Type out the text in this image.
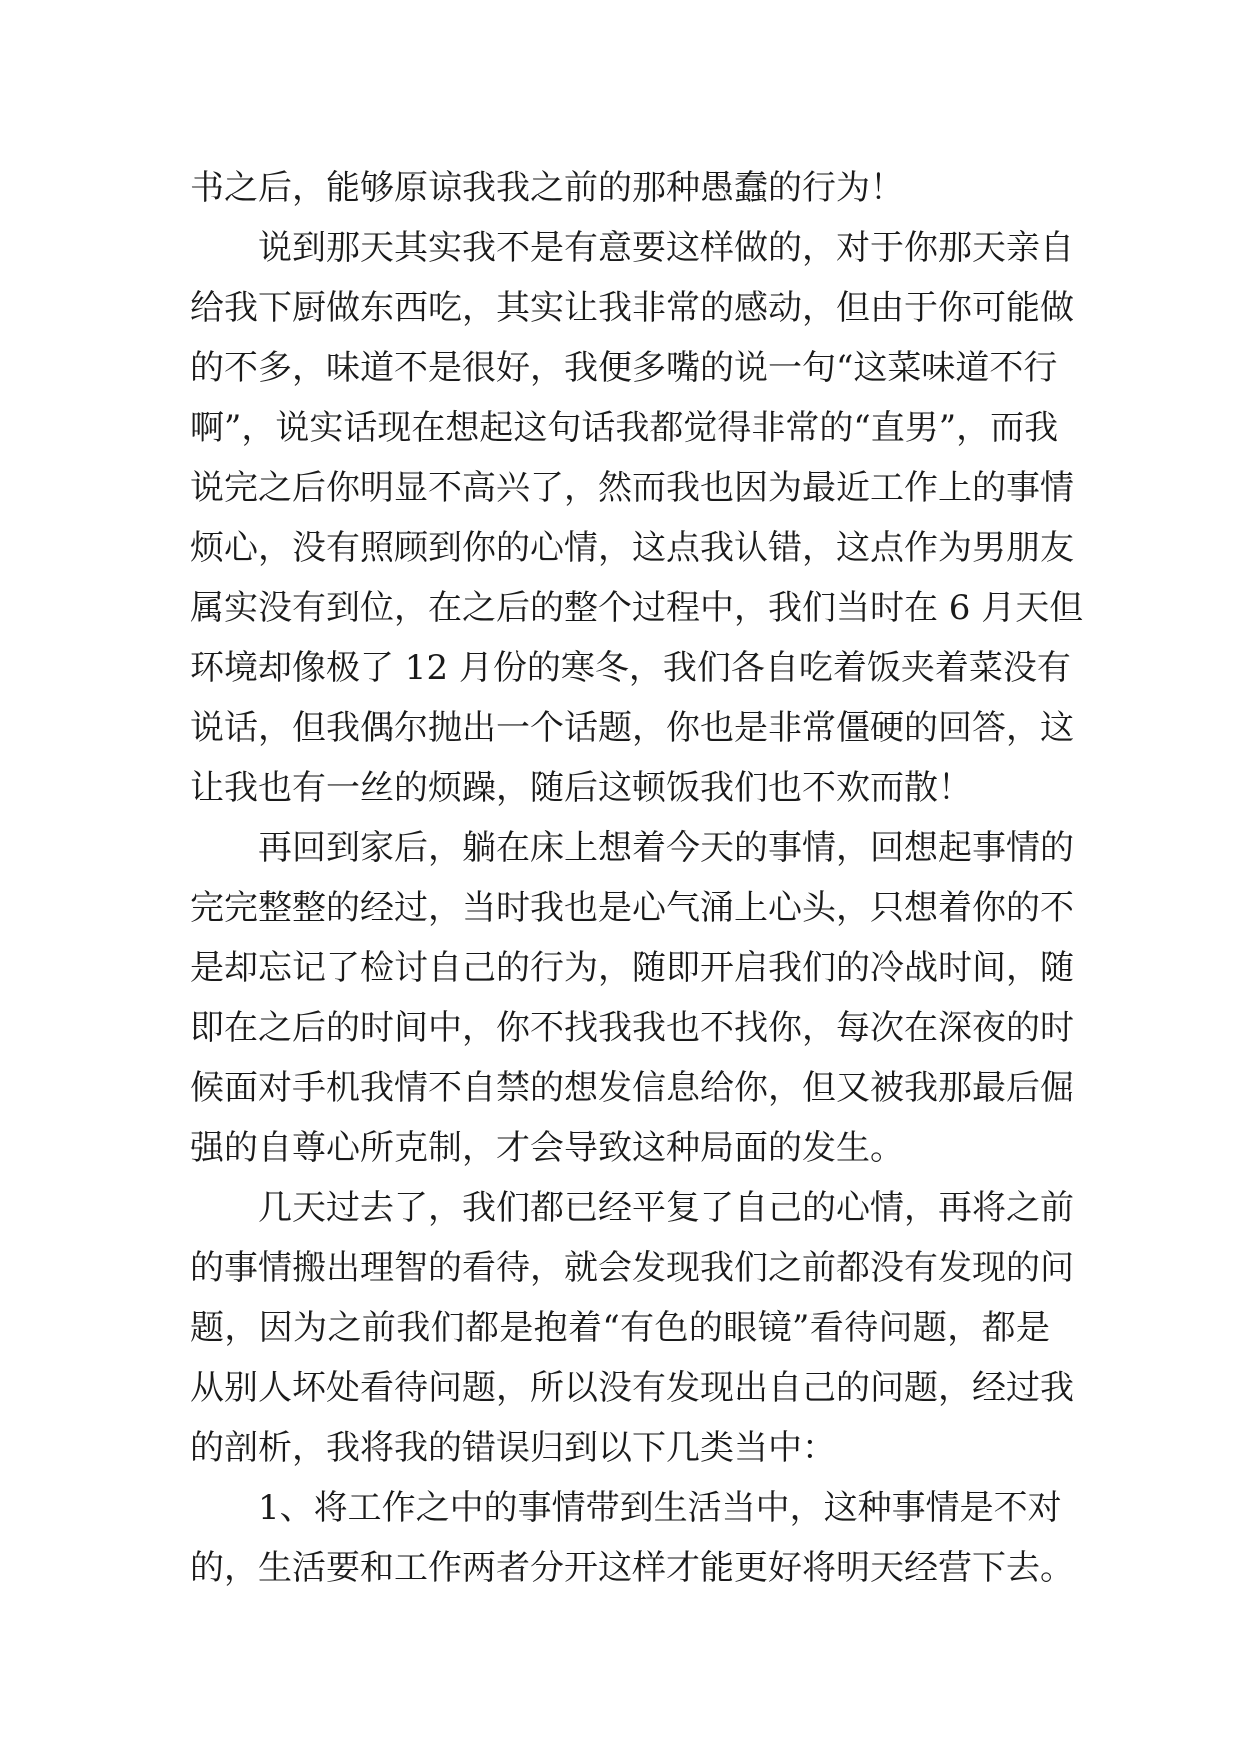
书之后，能够原谅我我之前的那种愚蠢的行为！
说到那天其实我不是有意要这样做的，对于你那天亲自
给我下厨做东西吃，其实让我非常的感动，但由于你可能做
的不多，味道不是很好，我便多嘴的说一句“这菜味道不行
啊”，说实话现在想起这句话我都觉得非常的“直男”，而我
说完之后你明显不高兴了，然而我也因为最近工作上的事情
烦心，没有照顾到你的心情，这点我认错，这点作为男朋友
属实没有到位，在之后的整个过程中，我们当时在 6 月天但
环境却像极了 12 月份的寒冬，我们各自吃着饭夹着菜没有
说话，但我偶尔抛出一个话题，你也是非常僵硬的回答，这
让我也有一丝的烦躁，随后这顿饭我们也不欢而散！
再回到家后，躺在床上想着今天的事情，回想起事情的
完完整整的经过，当时我也是心气涌上心头，只想着你的不
是却忘记了检讨自己的行为，随即开启我们的冷战时间，随
即在之后的时间中，你不找我我也不找你，每次在深夜的时
候面对手机我情不自禁的想发信息给你，但又被我那最后倔
强的自尊心所克制，才会导致这种局面的发生。
几天过去了，我们都已经平复了自己的心情，再将之前
的事情搬出理智的看待，就会发现我们之前都没有发现的问
题，因为之前我们都是抱着“有色的眼镜”看待问题，都是
从别人坏处看待问题，所以没有发现出自己的问题，经过我
的剖析，我将我的错误归到以下几类当中：
1、将工作之中的事情带到生活当中，这种事情是不对
的，生活要和工作两者分开这样才能更好将明天经营下去。
